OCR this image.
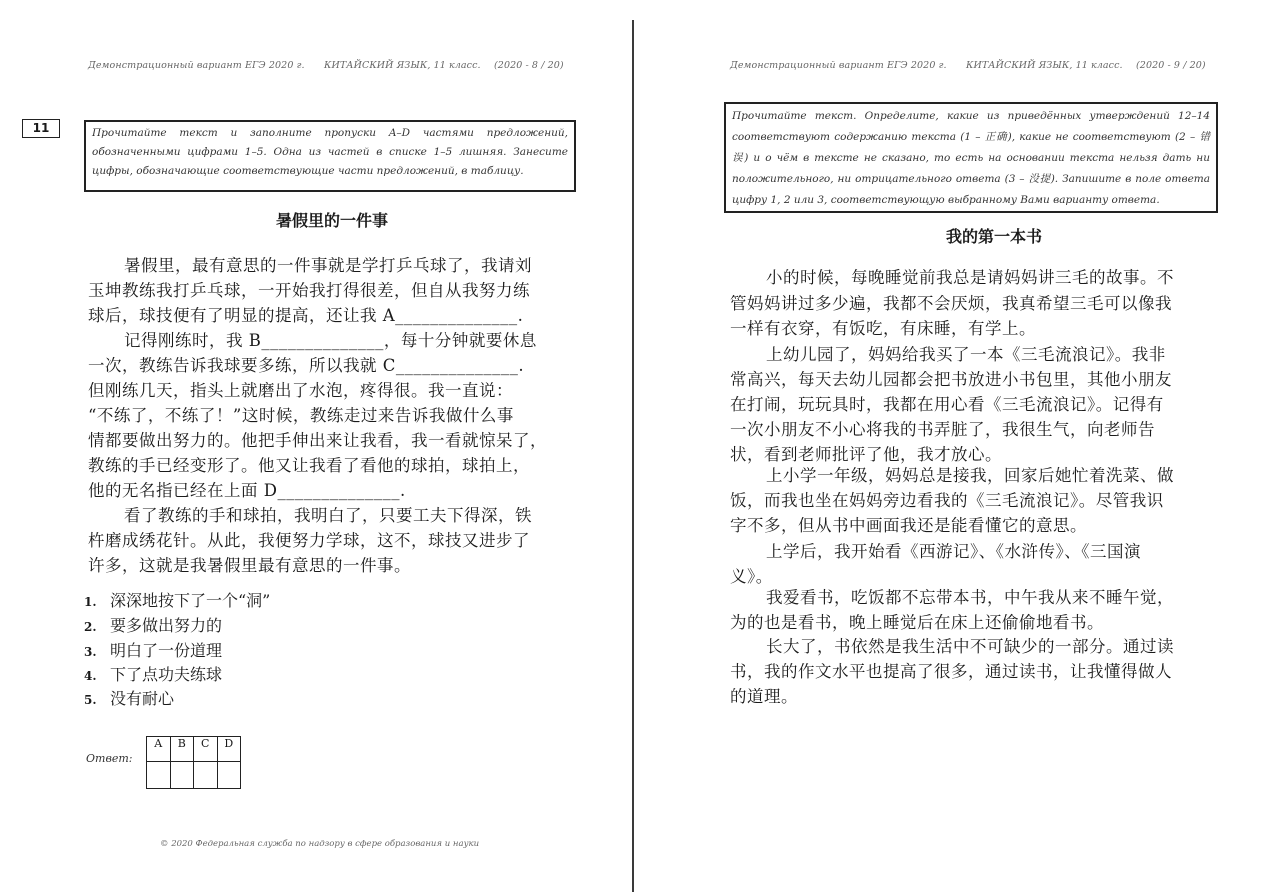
Демонстрационный вариант ЕГЭ 2020 г. КИТАЙСКИЙ ЯЗЫК, 11 класс. (2020 - 8 / 20)
11	Прочитайте текст и заполните пропуски A–D частями предложений, обозначенными цифрами 1–5. Одна из частей в списке 1–5 лишняя. Занесите цифры, обозначающие соответствующие части предложений, в таблицу.
暑假里的一件事
暑假里，最有意思的一件事就是学打乒乓球了，我请刘
玉坤教练我打乒乓球，一开始我打得很差，但自从我努力练
球后，球技便有了明显的提高，还让我 A______________.
记得刚练时，我 B______________，每十分钟就要休息
一次，教练告诉我球要多练，所以我就 C______________.
但刚练几天，指头上就磨出了水泡，疼得很。我一直说：
“不练了，不练了！”这时候，教练走过来告诉我做什么事
情都要做出努力的。他把手伸出来让我看，我一看就惊呆了，
教练的手已经变形了。他又让我看了看他的球拍，球拍上，
他的无名指已经在上面 D______________.
看了教练的手和球拍，我明白了，只要工夫下得深，铁
杵磨成绣花针。从此，我便努力学球，这不，球技又进步了
许多，这就是我暑假里最有意思的一件事。
1. 深深地按下了一个“洞”
2. 要多做出努力的
3. 明白了一份道理
4. 下了点功夫练球
5. 没有耐心
Ответ:
A	B	C	D

© 2020 Федеральная служба по надзору в сфере образования и науки
Демонстрационный вариант ЕГЭ 2020 г. КИТАЙСКИЙ ЯЗЫК, 11 класс. (2020 - 9 / 20)
Прочитайте текст. Определите, какие из приведённых утверждений 12–14 соответствуют содержанию текста (1 – 正确), какие не соответствуют (2 – 错误) и о чём в тексте не сказано, то есть на основании текста нельзя дать ни положительного, ни отрицательного ответа (3 – 没提). Запишите в поле ответа цифру 1, 2 или 3, соответствующую выбранному Вами варианту ответа.
我的第一本书
小的时候，每晚睡觉前我总是请妈妈讲三毛的故事。不
管妈妈讲过多少遍，我都不会厌烦，我真希望三毛可以像我
一样有衣穿，有饭吃，有床睡，有学上。
上幼儿园了，妈妈给我买了一本《三毛流浪记》。我非
常高兴，每天去幼儿园都会把书放进小书包里，其他小朋友
在打闹，玩玩具时，我都在用心看《三毛流浪记》。记得有
一次小朋友不小心将我的书弄脏了，我很生气，向老师告
状，看到老师批评了他，我才放心。
上小学一年级，妈妈总是接我，回家后她忙着洗菜、做
饭，而我也坐在妈妈旁边看我的《三毛流浪记》。尽管我识
字不多，但从书中画面我还是能看懂它的意思。
上学后，我开始看《西游记》、《水浒传》、《三国演
义》。
我爱看书，吃饭都不忘带本书，中午我从来不睡午觉，
为的也是看书，晚上睡觉后在床上还偷偷地看书。
长大了，书依然是我生活中不可缺少的一部分。通过读
书，我的作文水平也提高了很多，通过读书，让我懂得做人
的道理。
